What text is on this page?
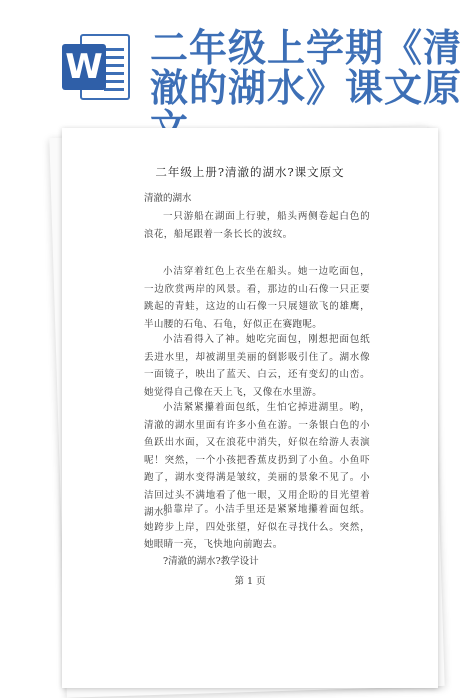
W 二年级上学期《清澈的湖水》课文原
二年级上册?清澈的湖水?课文原文
清澈的湖水
一只游船在湖面上行驶，船头两侧卷起白色的浪花，船尾跟着一条长长的波纹。
小洁穿着红色上衣坐在船头。她一边吃面包，一边欣赏两岸的风景。看，那边的山石像一只正要跳起的青蛙，这边的山石像一只展翅欲飞的雄鹰，半山腰的石龟、石龟，好似正在赛跑呢。
小洁看得入了神。她吃完面包，刚想把面包纸丢进水里，却被湖里美丽的倒影吸引住了。湖水像一面镜子，映出了蓝天、白云，还有变幻的山峦。她觉得自己像在天上飞，又像在水里游。
小洁紧紧攥着面包纸，生怕它掉进湖里。哟，清澈的湖水里面有许多小鱼在游。一条银白色的小鱼跃出水面，又在浪花中消失，好似在给游人表演呢！突然，一个小孩把香蕉皮扔到了小鱼。小鱼吓跑了，湖水变得满是皱纹，美丽的景象不见了。小洁回过头不满地看了他一眼，又用企盼的目光望着湖水。
船靠岸了。小洁手里还是紧紧地攥着面包纸。她跨步上岸，四处张望，好似在寻找什么。突然，她眼睛一亮，飞快地向前跑去。
?清澈的湖水?教学设计
第 1 页
